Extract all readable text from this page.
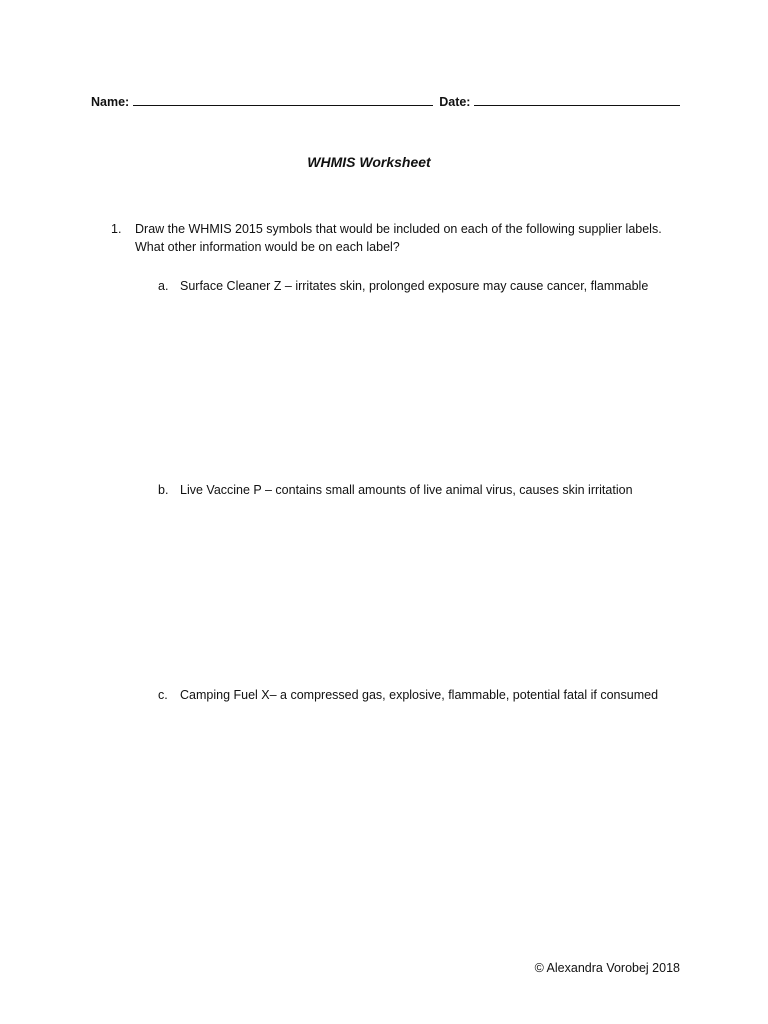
Name:	Date:
WHMIS Worksheet
1. Draw the WHMIS 2015 symbols that would be included on each of the following supplier labels. What other information would be on each label?
a. Surface Cleaner Z – irritates skin, prolonged exposure may cause cancer, flammable
b. Live Vaccine P – contains small amounts of live animal virus, causes skin irritation
c. Camping Fuel X– a compressed gas, explosive, flammable, potential fatal if consumed
© Alexandra Vorobej 2018
